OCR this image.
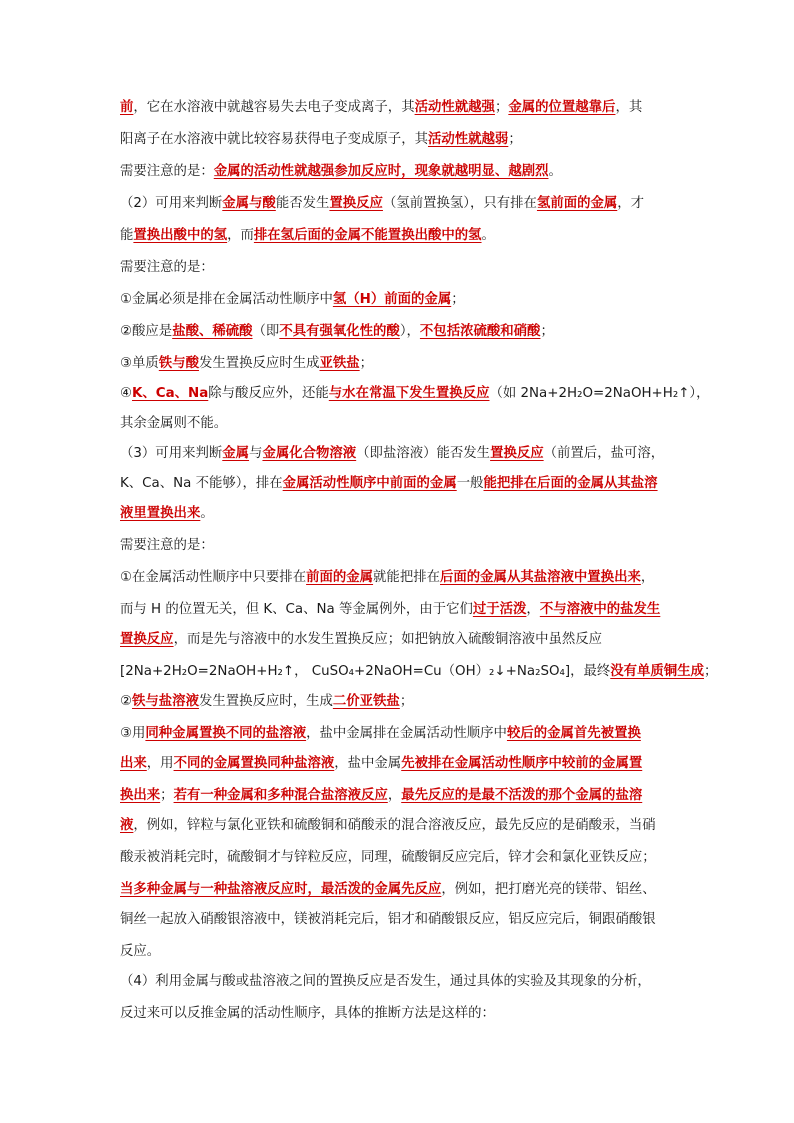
前，它在水溶液中就越容易失去电子变成离子，其活动性就越强；金属的位置越靠后，其
阳离子在水溶液中就比较容易获得电子变成原子，其活动性就越弱；
需要注意的是：金属的活动性就越强参加反应时，现象就越明显、越剧烈。
（2）可用来判断金属与酸能否发生置换反应（氢前置换氢），只有排在氢前面的金属，才
能置换出酸中的氢，而排在氢后面的金属不能置换出酸中的氢。
需要注意的是：
①金属必须是排在金属活动性顺序中氢（H）前面的金属；
②酸应是盐酸、稀硫酸（即不具有强氧化性的酸），不包括浓硫酸和硝酸；
③单质铁与酸发生置换反应时生成亚铁盐；
④K、Ca、Na除与酸反应外，还能与水在常温下发生置换反应（如 2Na+2H₂O=2NaOH+H₂↑），
其余金属则不能。
（3）可用来判断金属与金属化合物溶液（即盐溶液）能否发生置换反应（前置后，盐可溶，
K、Ca、Na 不能够），排在金属活动性顺序中前面的金属一般能把排在后面的金属从其盐溶
液里置换出来。
需要注意的是：
①在金属活动性顺序中只要排在前面的金属就能把排在后面的金属从其盐溶液中置换出来，
而与 H 的位置无关，但 K、Ca、Na 等金属例外，由于它们过于活泼，不与溶液中的盐发生
置换反应，而是先与溶液中的水发生置换反应；如把钠放入硫酸铜溶液中虽然反应
[2Na+2H₂O=2NaOH+H₂↑， CuSO₄+2NaOH=Cu（OH）₂↓+Na₂SO₄]，最终没有单质铜生成；
②铁与盐溶液发生置换反应时，生成二价亚铁盐；
③用同种金属置换不同的盐溶液，盐中金属排在金属活动性顺序中较后的金属首先被置换
出来，用不同的金属置换同种盐溶液，盐中金属先被排在金属活动性顺序中较前的金属置
换出来；若有一种金属和多种混合盐溶液反应，最先反应的是最不活泼的那个金属的盐溶
液，例如，锌粒与氯化亚铁和硫酸铜和硝酸汞的混合溶液反应，最先反应的是硝酸汞，当硝
酸汞被消耗完时，硫酸铜才与锌粒反应，同理，硫酸铜反应完后，锌才会和氯化亚铁反应；
当多种金属与一种盐溶液反应时，最活泼的金属先反应，例如，把打磨光亮的镁带、铝丝、
铜丝一起放入硝酸银溶液中，镁被消耗完后，铝才和硝酸银反应，铝反应完后，铜跟硝酸银
反应。
（4）利用金属与酸或盐溶液之间的置换反应是否发生，通过具体的实验及其现象的分析，
反过来可以反推金属的活动性顺序，具体的推断方法是这样的：
